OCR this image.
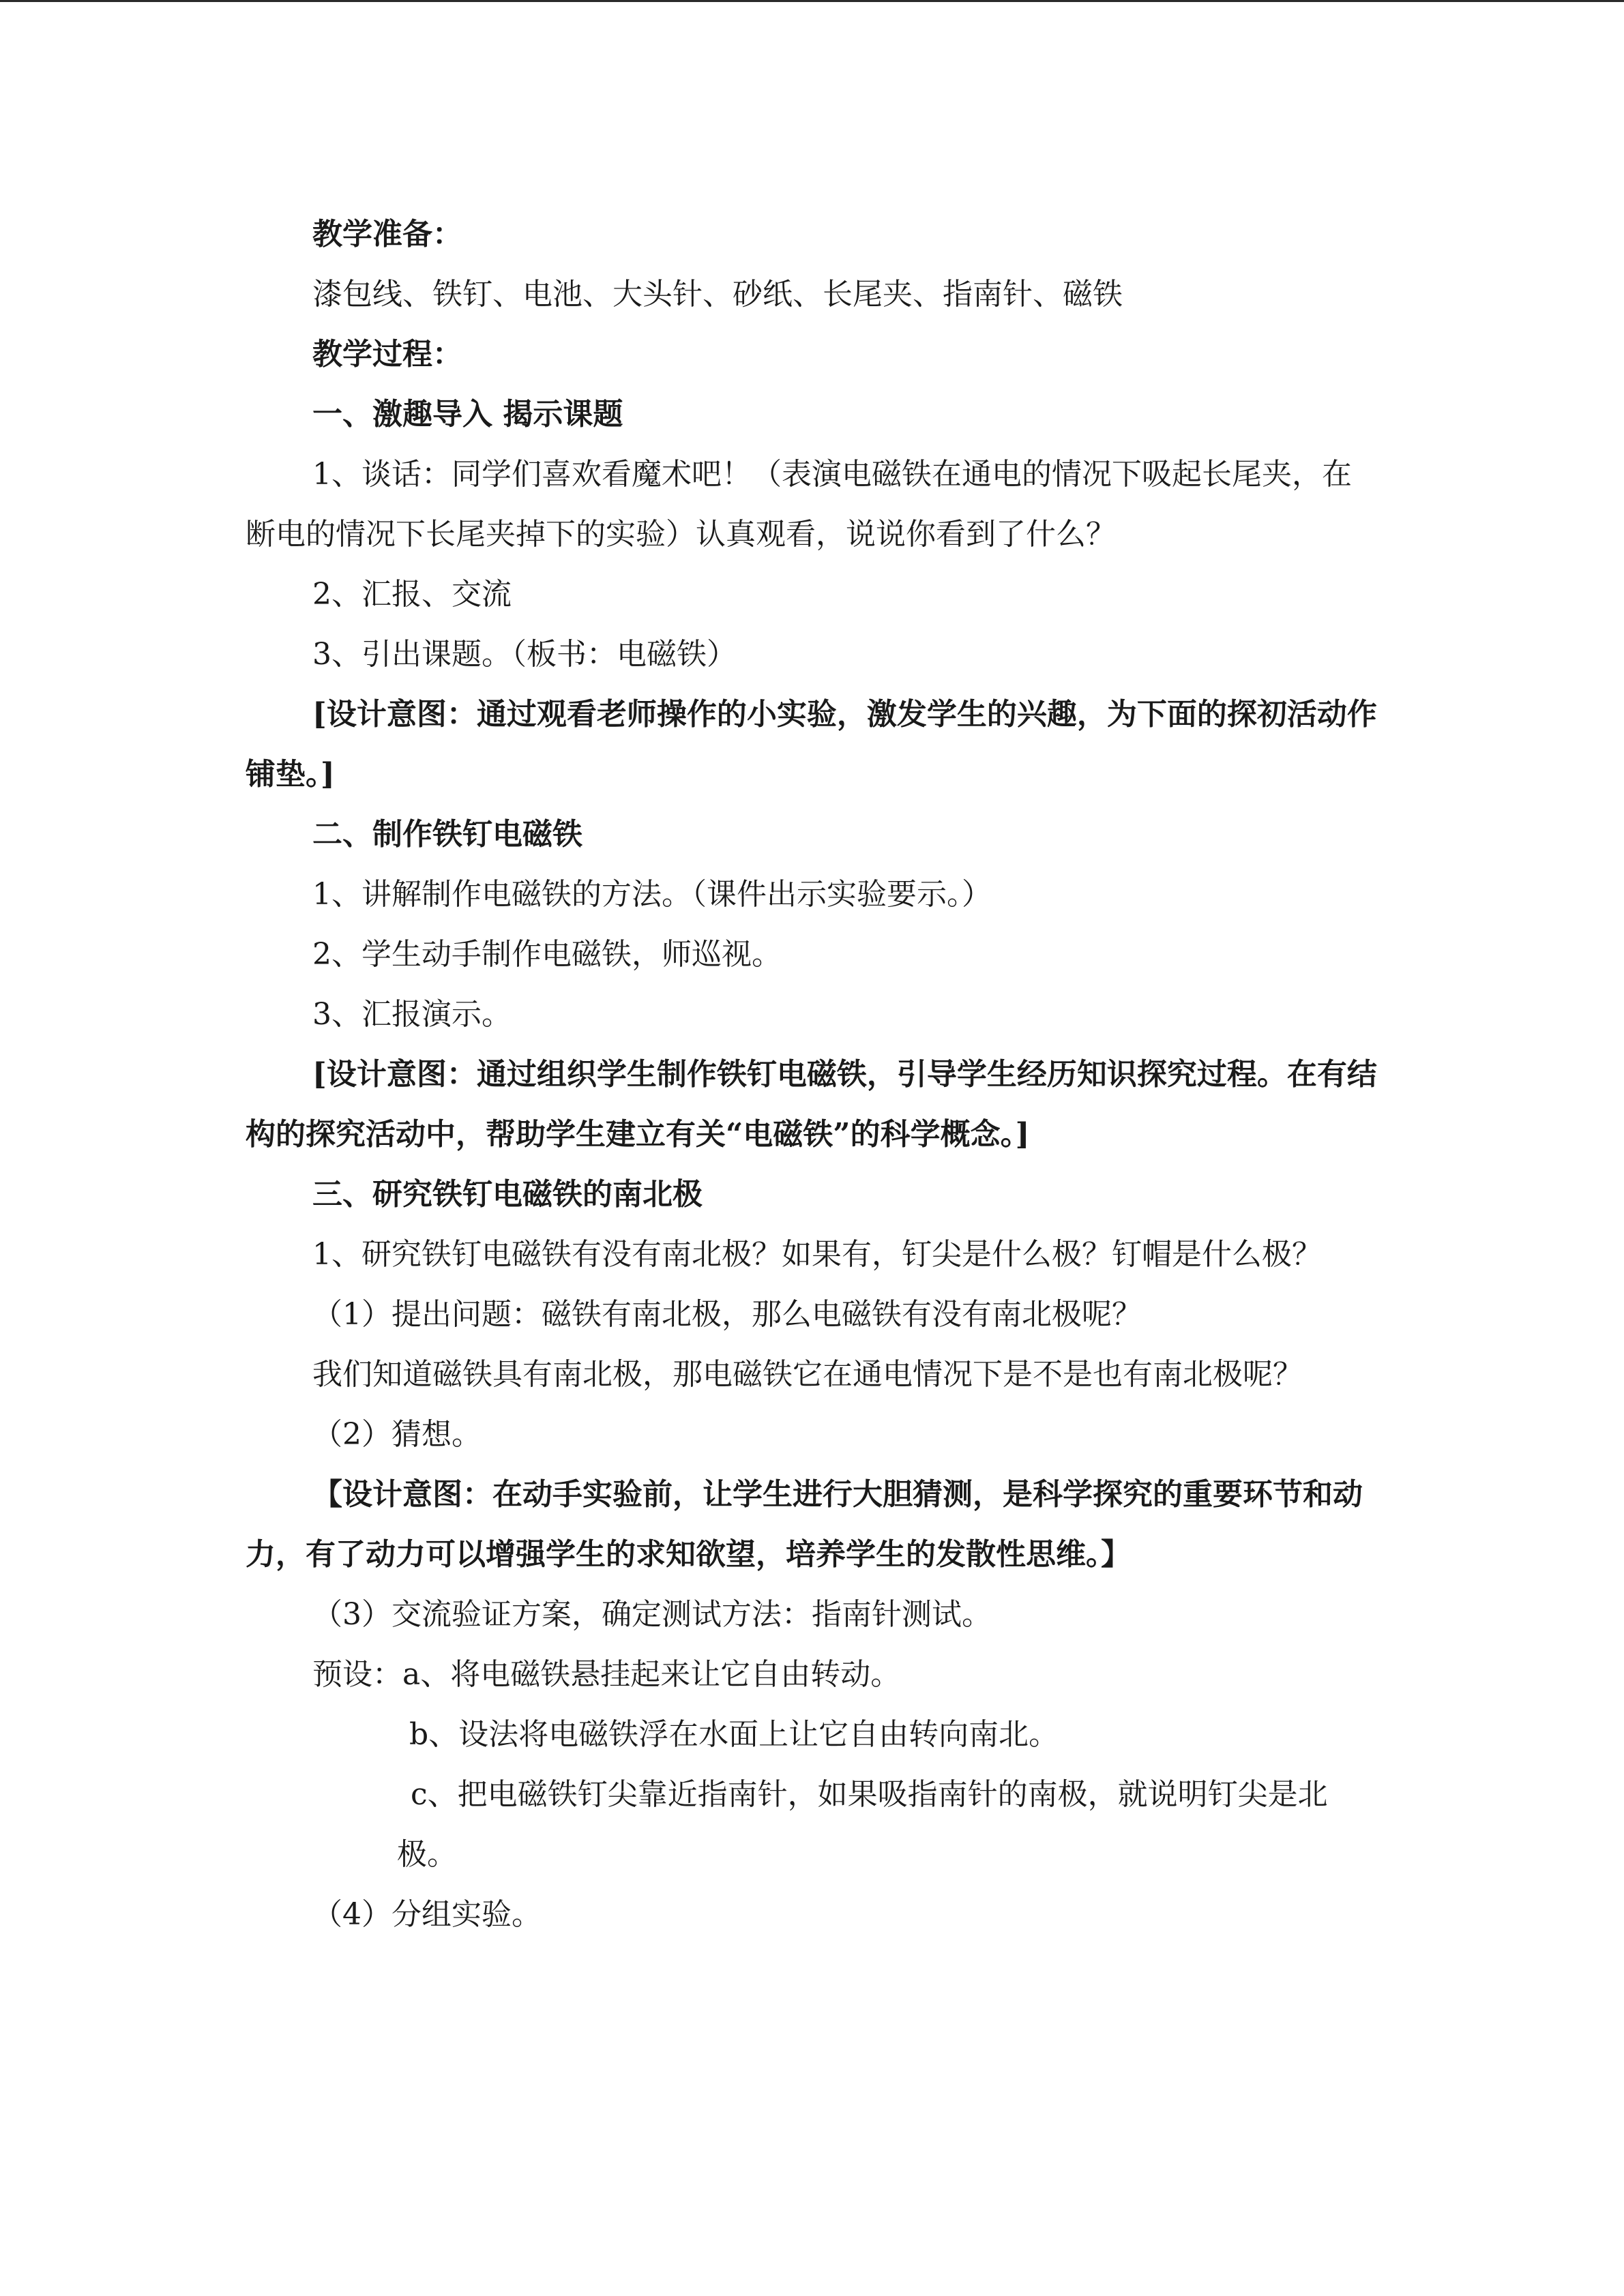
教学准备：

漆包线、铁钉、电池、大头针、砂纸、长尾夹、指南针、磁铁

教学过程：

一、激趣导入 揭示课题

1、谈话：同学们喜欢看魔术吧！（表演电磁铁在通电的情况下吸起长尾夹，在断电的情况下长尾夹掉下的实验）认真观看，说说你看到了什么？

2、汇报、交流

3、引出课题。（板书：电磁铁）

[设计意图：通过观看老师操作的小实验，激发学生的兴趣，为下面的探初活动作铺垫。]

二、制作铁钉电磁铁

1、讲解制作电磁铁的方法。（课件出示实验要示。）

2、学生动手制作电磁铁，师巡视。

3、汇报演示。

[设计意图：通过组织学生制作铁钉电磁铁，引导学生经历知识探究过程。在有结构的探究活动中，帮助学生建立有关“电磁铁”的科学概念。]

三、研究铁钉电磁铁的南北极

1、研究铁钉电磁铁有没有南北极？如果有，钉尖是什么极？钉帽是什么极？

（1）提出问题：磁铁有南北极，那么电磁铁有没有南北极呢？

我们知道磁铁具有南北极，那电磁铁它在通电情况下是不是也有南北极呢？

（2）猜想。

【设计意图：在动手实验前，让学生进行大胆猜测，是科学探究的重要环节和动力，有了动力可以增强学生的求知欲望，培养学生的发散性思维。】

（3）交流验证方案，确定测试方法：指南针测试。

预设：a、将电磁铁悬挂起来让它自由转动。

b、设法将电磁铁浮在水面上让它自由转向南北。

c、把电磁铁钉尖靠近指南针，如果吸指南针的南极，就说明钉尖是北极。

（4）分组实验。
